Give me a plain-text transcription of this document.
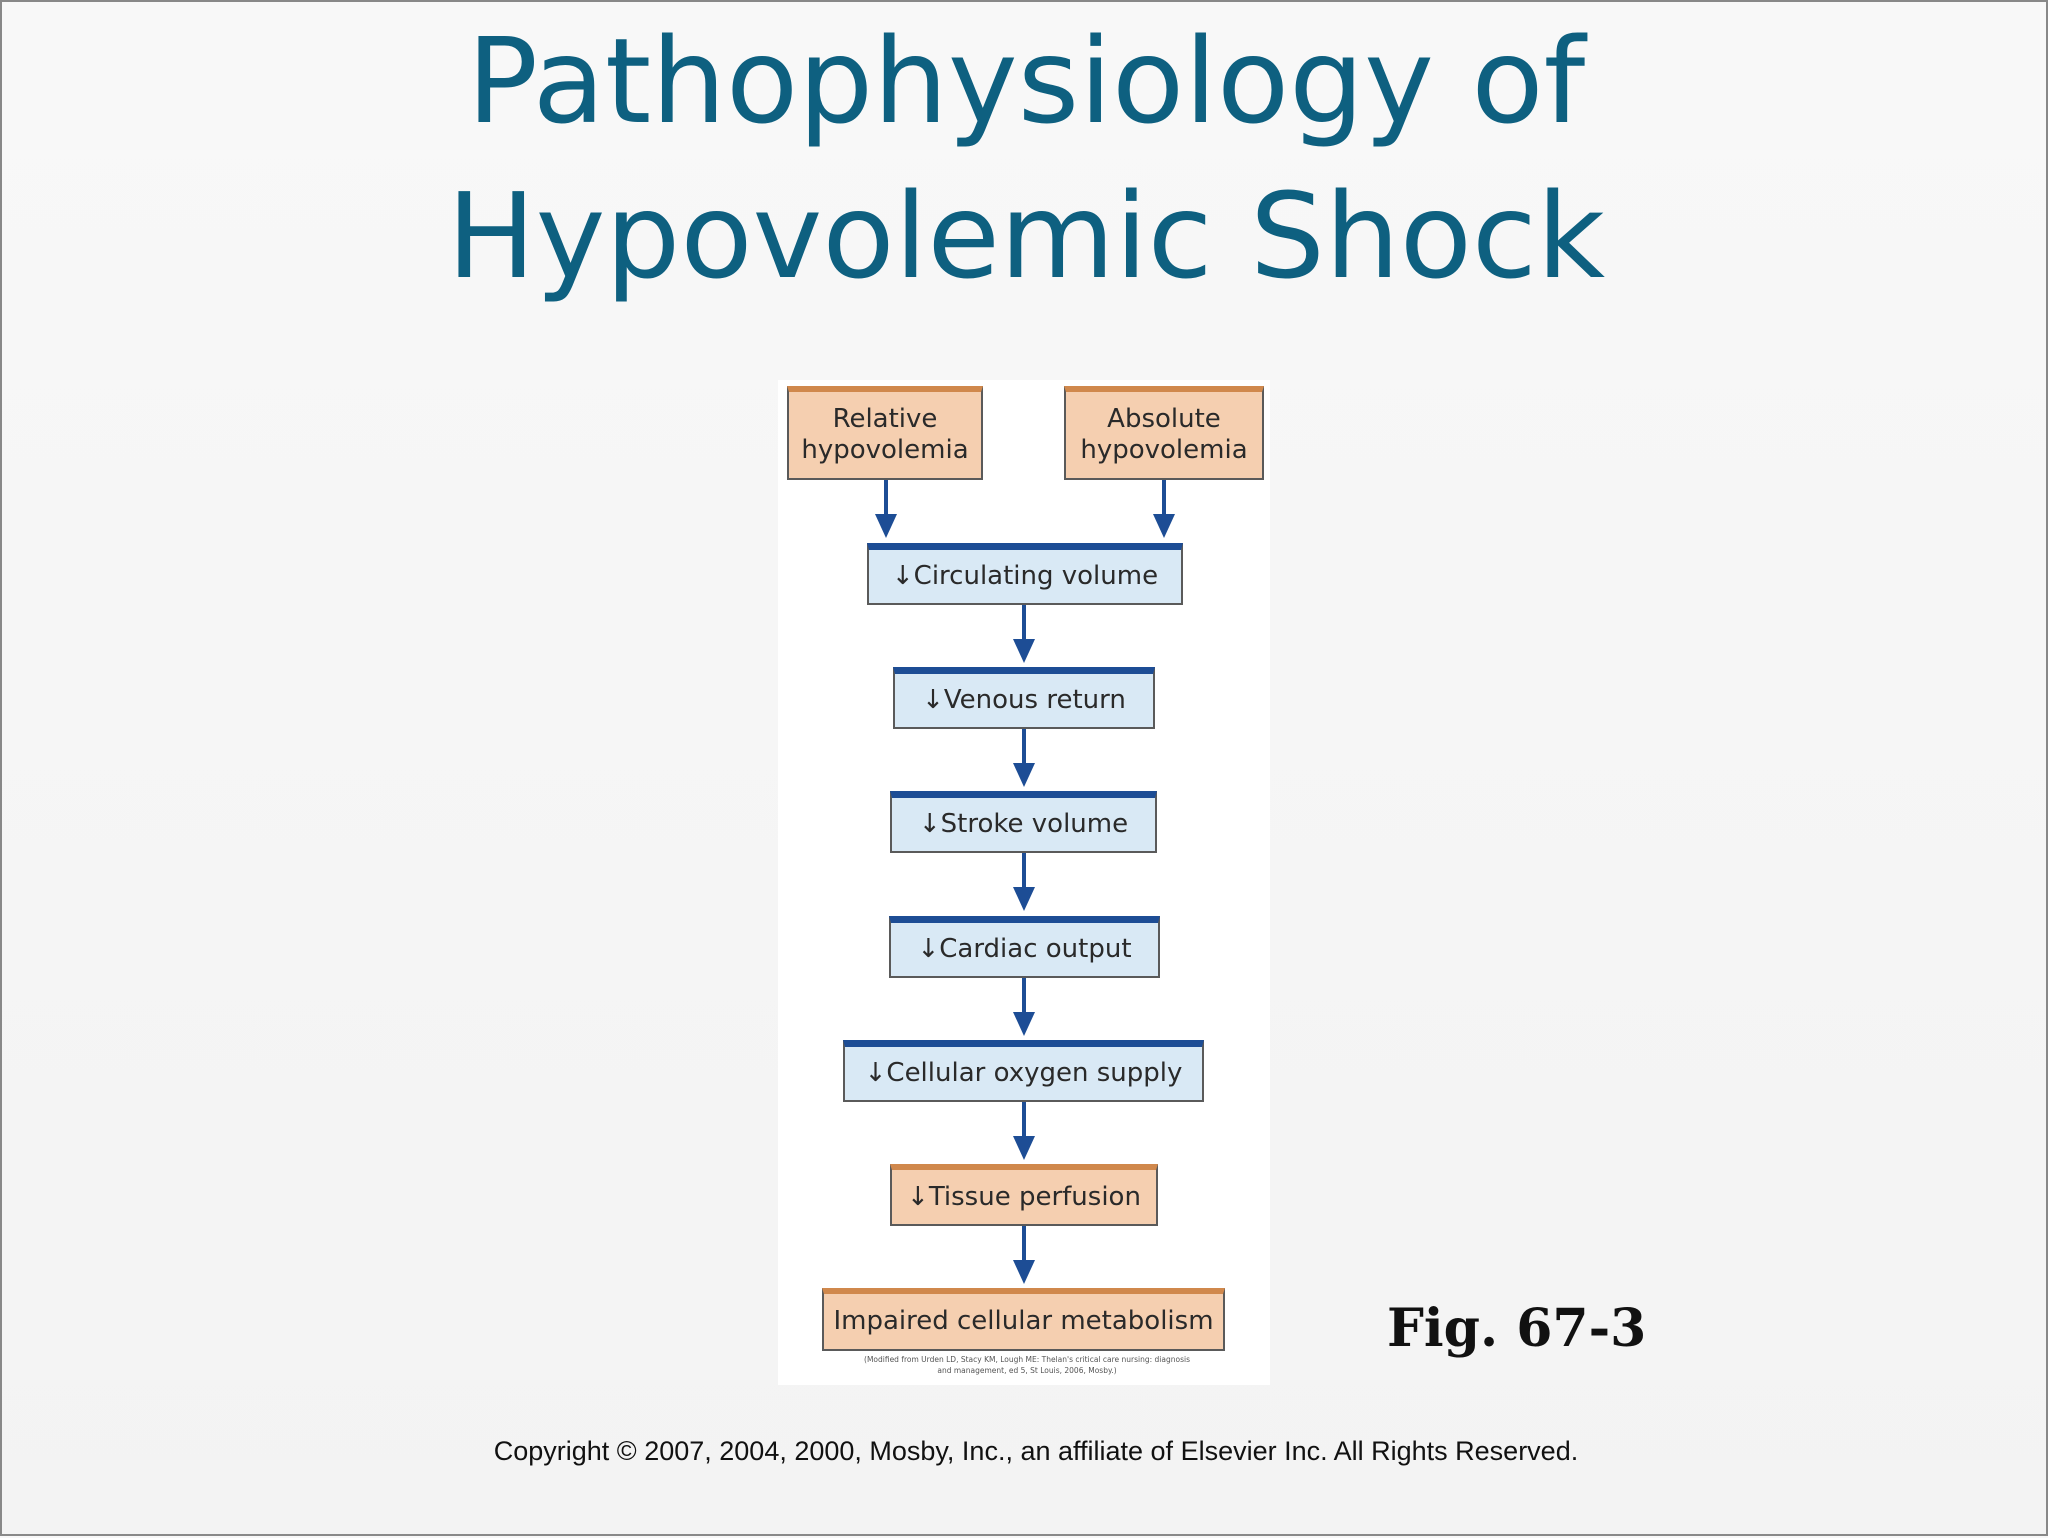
Pathophysiology of
Hypovolemic Shock
Relative hypovolemia
Absolute hypovolemia
↓Circulating volume
↓Venous return
↓Stroke volume
↓Cardiac output
↓Cellular oxygen supply
↓Tissue perfusion
Impaired cellular metabolism
(Modified from Urden LD, Stacy KM, Lough ME: Thelan's critical care nursing: diagnosis
and management, ed 5, St Louis, 2006, Mosby.)
Fig. 67-3
Copyright © 2007, 2004, 2000, Mosby, Inc., an affiliate of Elsevier Inc. All Rights Reserved.
